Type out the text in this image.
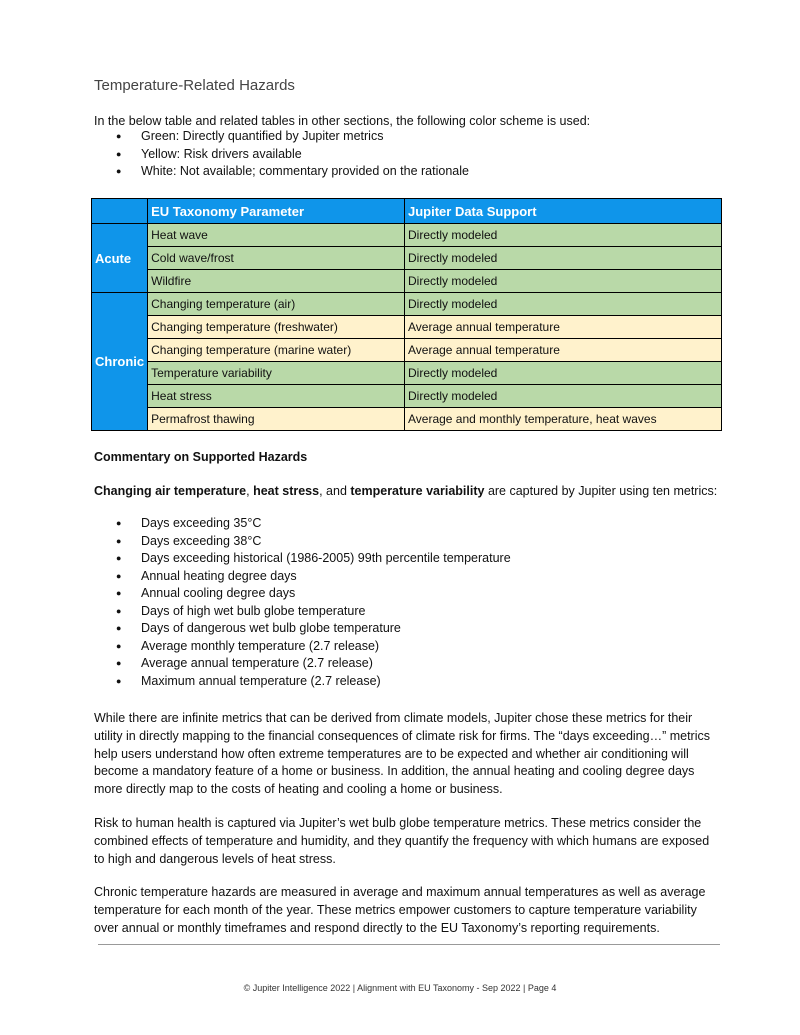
Temperature-Related Hazards
In the below table and related tables in other sections, the following color scheme is used:
● Green: Directly quantified by Jupiter metrics
● Yellow: Risk drivers available
● White: Not available; commentary provided on the rationale
	EU Taxonomy Parameter	Jupiter Data Support
Acute	Heat wave	Directly modeled
	Cold wave/frost	Directly modeled
	Wildfire	Directly modeled
Chronic	Changing temperature (air)	Directly modeled
	Changing temperature (freshwater)	Average annual temperature
	Changing temperature (marine water)	Average annual temperature
	Temperature variability	Directly modeled
	Heat stress	Directly modeled
	Permafrost thawing	Average and monthly temperature, heat waves
Commentary on Supported Hazards
Changing air temperature, heat stress, and temperature variability are captured by Jupiter using ten metrics:
● Days exceeding 35°C
● Days exceeding 38°C
● Days exceeding historical (1986-2005) 99th percentile temperature
● Annual heating degree days
● Annual cooling degree days
● Days of high wet bulb globe temperature
● Days of dangerous wet bulb globe temperature
● Average monthly temperature (2.7 release)
● Average annual temperature (2.7 release)
● Maximum annual temperature (2.7 release)

While there are infinite metrics that can be derived from climate models, Jupiter chose these metrics for their utility in directly mapping to the financial consequences of climate risk for firms. The “days exceeding…” metrics help users understand how often extreme temperatures are to be expected and whether air conditioning will become a mandatory feature of a home or business. In addition, the annual heating and cooling degree days more directly map to the costs of heating and cooling a home or business.

Risk to human health is captured via Jupiter’s wet bulb globe temperature metrics. These metrics consider the combined effects of temperature and humidity, and they quantify the frequency with which humans are exposed to high and dangerous levels of heat stress.

Chronic temperature hazards are measured in average and maximum annual temperatures as well as average temperature for each month of the year. These metrics empower customers to capture temperature variability over annual or monthly timeframes and respond directly to the EU Taxonomy’s reporting requirements.

© Jupiter Intelligence 2022 | Alignment with EU Taxonomy - Sep 2022 | Page 4
